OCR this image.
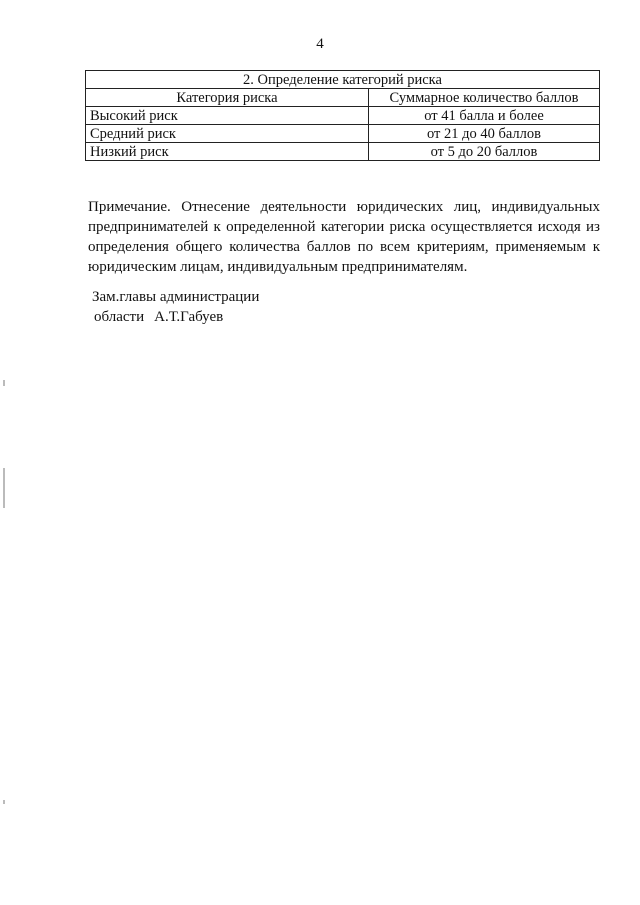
4
2. Определение категорий риска	
Категория риска	Суммарное количество баллов
Высокий риск	от 41 балла и более
Средний риск	от 21 до 40 баллов
Низкий риск	от 5 до 20 баллов

Примечание. Отнесение деятельности юридических лиц, индивидуальных предпринимателей к определенной категории риска осуществляется исходя из определения общего количества баллов по всем критериям, применяемым к юридическим лицам, индивидуальным предпринимателям.

Зам.главы администрации
области А.Т.Габуев
